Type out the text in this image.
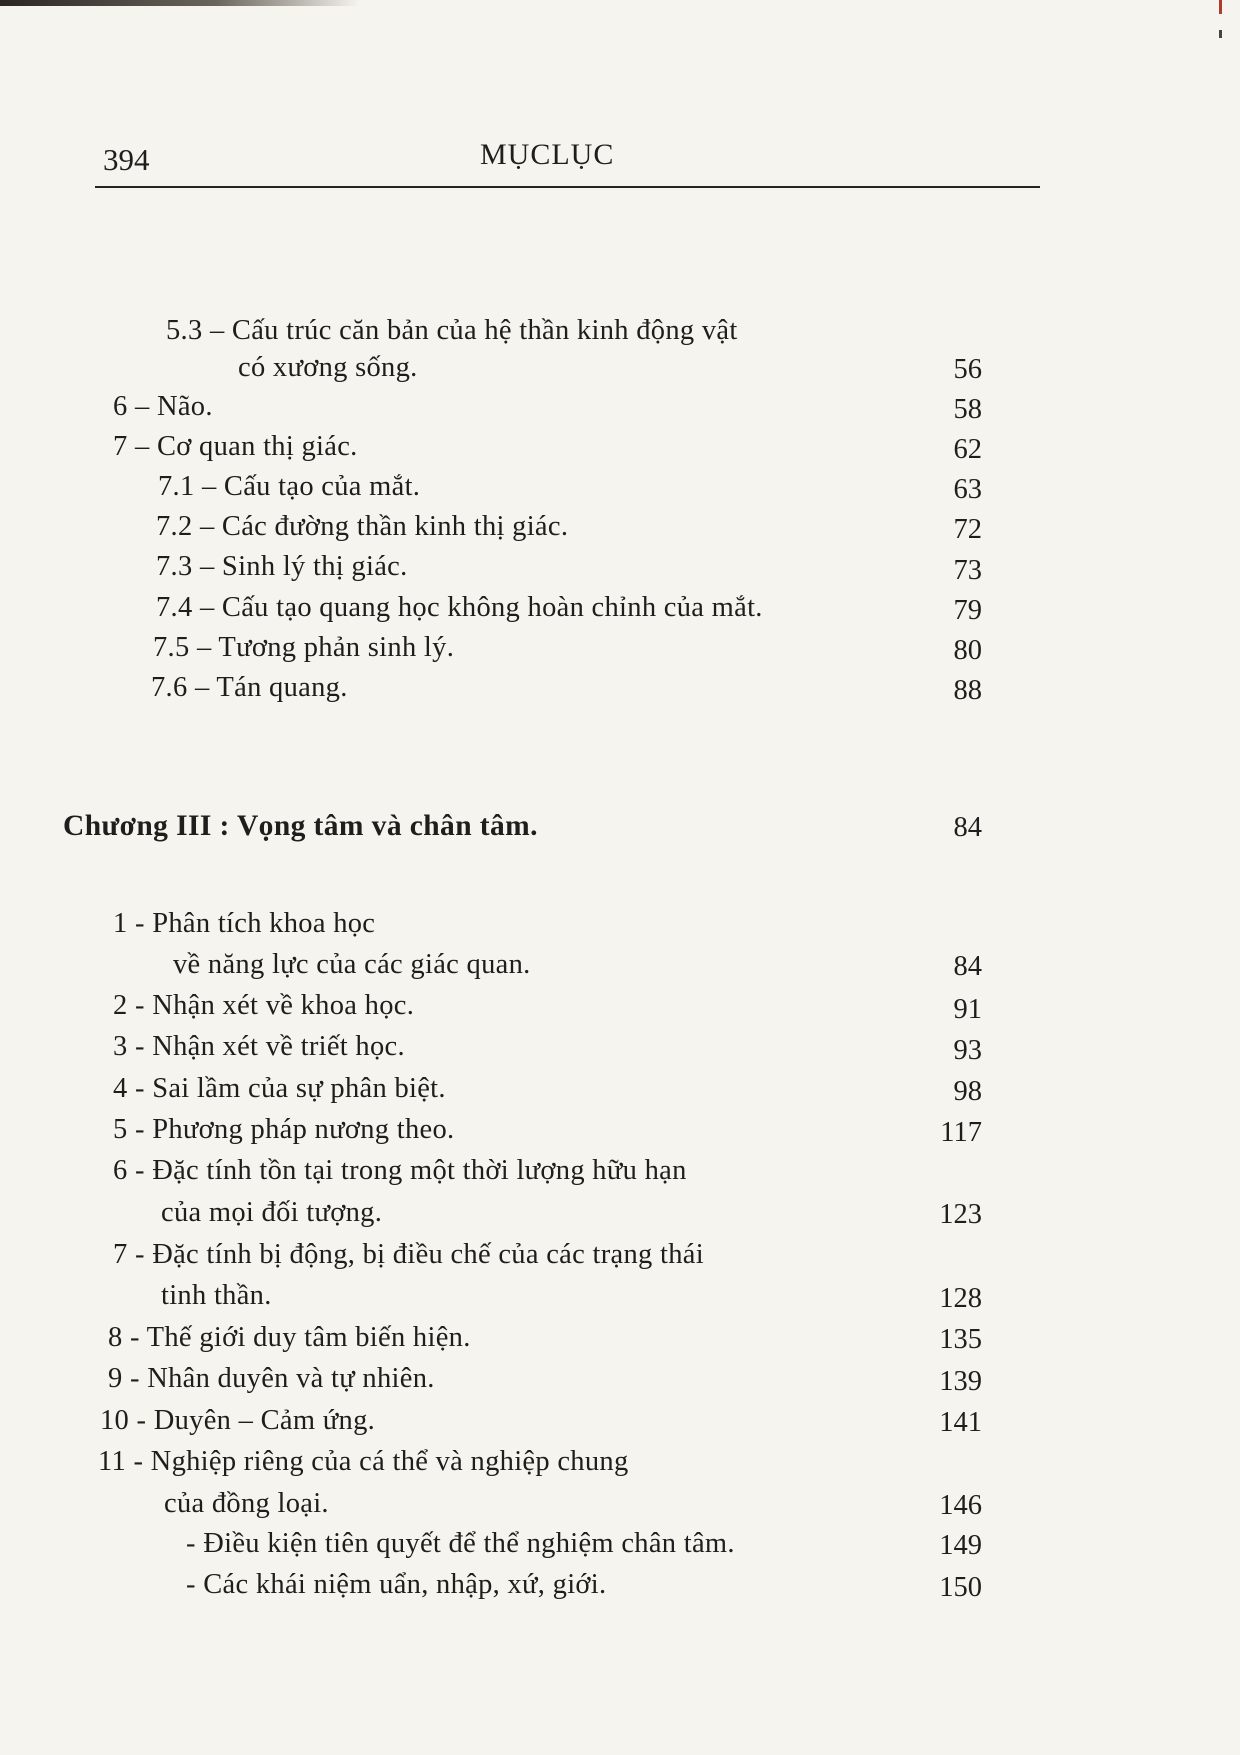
394	MỤCLỤC
5.3 – Cấu trúc căn bản của hệ thần kinh động vật
có xương sống.	56
6 – Não.	58
7 – Cơ quan thị giác.	62
7.1 – Cấu tạo của mắt.	63
7.2 – Các đường thần kinh thị giác.	72
7.3 – Sinh lý thị giác.	73
7.4 – Cấu tạo quang học không hoàn chỉnh của mắt.	79
7.5 – Tương phản sinh lý.	80
7.6 – Tán quang.	88
Chương III : Vọng tâm và chân tâm.	84
1 - Phân tích khoa học
về năng lực của các giác quan.	84
2 - Nhận xét về khoa học.	91
3 - Nhận xét về triết học.	93
4 - Sai lầm của sự phân biệt.	98
5 - Phương pháp nương theo.	117
6 - Đặc tính tồn tại trong một thời lượng hữu hạn
của mọi đối tượng.	123
7 - Đặc tính bị động, bị điều chế của các trạng thái
tinh thần.	128
8 - Thế giới duy tâm biến hiện.	135
9 - Nhân duyên và tự nhiên.	139
10 - Duyên – Cảm ứng.	141
11 - Nghiệp riêng của cá thể và nghiệp chung
của đồng loại.	146
- Điều kiện tiên quyết để thể nghiệm chân tâm.	149
- Các khái niệm uẩn, nhập, xứ, giới.	150
